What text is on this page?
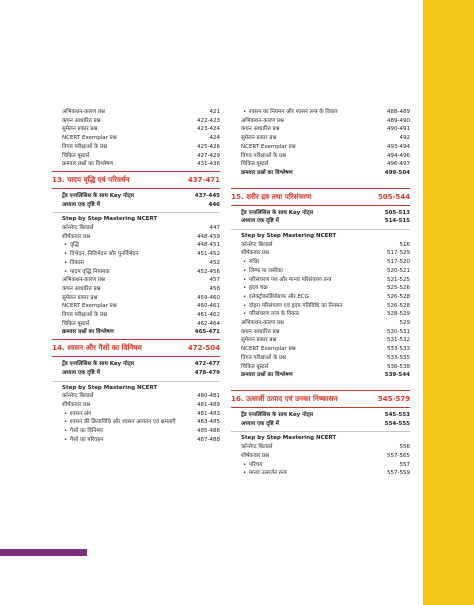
अभिकथन-कारण प्रश्न	421
कथन आधारित प्रश्न	422-423
सुमेलन प्रकार प्रश्न	423-424
NCERT Exemplar प्रश्न	424
विगत परीक्षाओं के प्रश्न	425-426
चिकित बूस्टर्स	427-429
क्रमवार प्रश्नों का विश्लेषण	431-436
13. पादप वृद्धि एवं परिवर्धन	437-471
ट्रेंड एनालिसिस के साथ Key नोट्स	437-445
अध्याय एक दृष्टि में	446
Step by Step Mastering NCERT
कॉन्सेप्ट बिल्डर्स	447
शीर्षकवार प्रश्न	448-459
• वृद्धि	448-451
• विभेदन, निविभेदन और पुनर्विभेदन	451-452
• विकास	452
• पादप वृद्धि नियामक	452-456
अभिकथन-कारण प्रश्न	457
कथन आधारित प्रश्न	458
सुमेलन प्रकार प्रश्न	459-460
NCERT Exemplar प्रश्न	460-461
विगत परीक्षाओं के प्रश्न	461-462
चिकित बूस्टर्स	462-464
क्रमवार प्रश्नों का विश्लेषण	465-471
14. श्वसन और गैसों का विनिमय	472-504
ट्रेंड एनालिसिस के साथ Key नोट्स	472-477
अध्याय एक दृष्टि में	478-479
Step by Step Mastering NCERT
कॉन्सेप्ट बिल्डर्स	480-481
शीर्षकवार प्रश्न	481-489
• श्वसन अंग	481-483
• श्वसन की क्रियाविधि और श्वसन आयतन एवं क्षमताएँ	483-485
• गैसों का विनिमय	485-486
• गैसों का परिवहन	487-488
• श्वसन का नियमन और श्वसन तन्त्र के विकार	488-489
अभिकथन-कारण प्रश्न	489-490
कथन आधारित प्रश्न	490-491
सुमेलन प्रकार प्रश्न	492
NCERT Exemplar प्रश्न	493-494
विगत परीक्षाओं के प्रश्न	494-496
चिकित बूस्टर्स	496-497
क्रमवार प्रश्नों का विश्लेषण	499-504
15. शरीर द्रव तथा परिसंचरण	505-544
ट्रेंड एनालिसिस के साथ Key नोट्स	505-513
अध्याय एक दृष्टि में	514-515
Step by Step Mastering NCERT
कॉन्सेप्ट बिल्डर्स	516
शीर्षकवार प्रश्न	517-529
• रुधिर	517-520
• लिम्फ या लसीका	520-521
• परिसंचरण पथ और मानव परिसंचरण तन्त्र	521-525
• हृदय चक्र	525-526
• इलेक्ट्रोकार्डियोग्राफ और ECG	526-528
• दोहरा परिसंचरण एवं हृदय गतिविधि का नियमन	526-528
• परिसंचरण तन्त्र के विकार	528-529
अभिकथन-कारण प्रश्न	529
कथन आधारित प्रश्न	530-531
सुमेलन प्रकार प्रश्न	531-532
NCERT Exemplar प्रश्न	533-533
विगत परीक्षाओं के प्रश्न	533-535
चिकित बूस्टर्स	536-538
क्रमवार प्रश्नों का विश्लेषण	539-544
16. उत्सर्जी उत्पाद एवं उनका निष्कासन	545-579
ट्रेंड एनालिसिस के साथ Key नोट्स	545-553
अध्याय एक दृष्टि में	554-555
Step by Step Mastering NCERT
कॉन्सेप्ट बिल्डर्स	556
शीर्षकवार प्रश्न	557-565
• परिचय	557
• मानव उत्सर्जन तन्त्र	557-559
